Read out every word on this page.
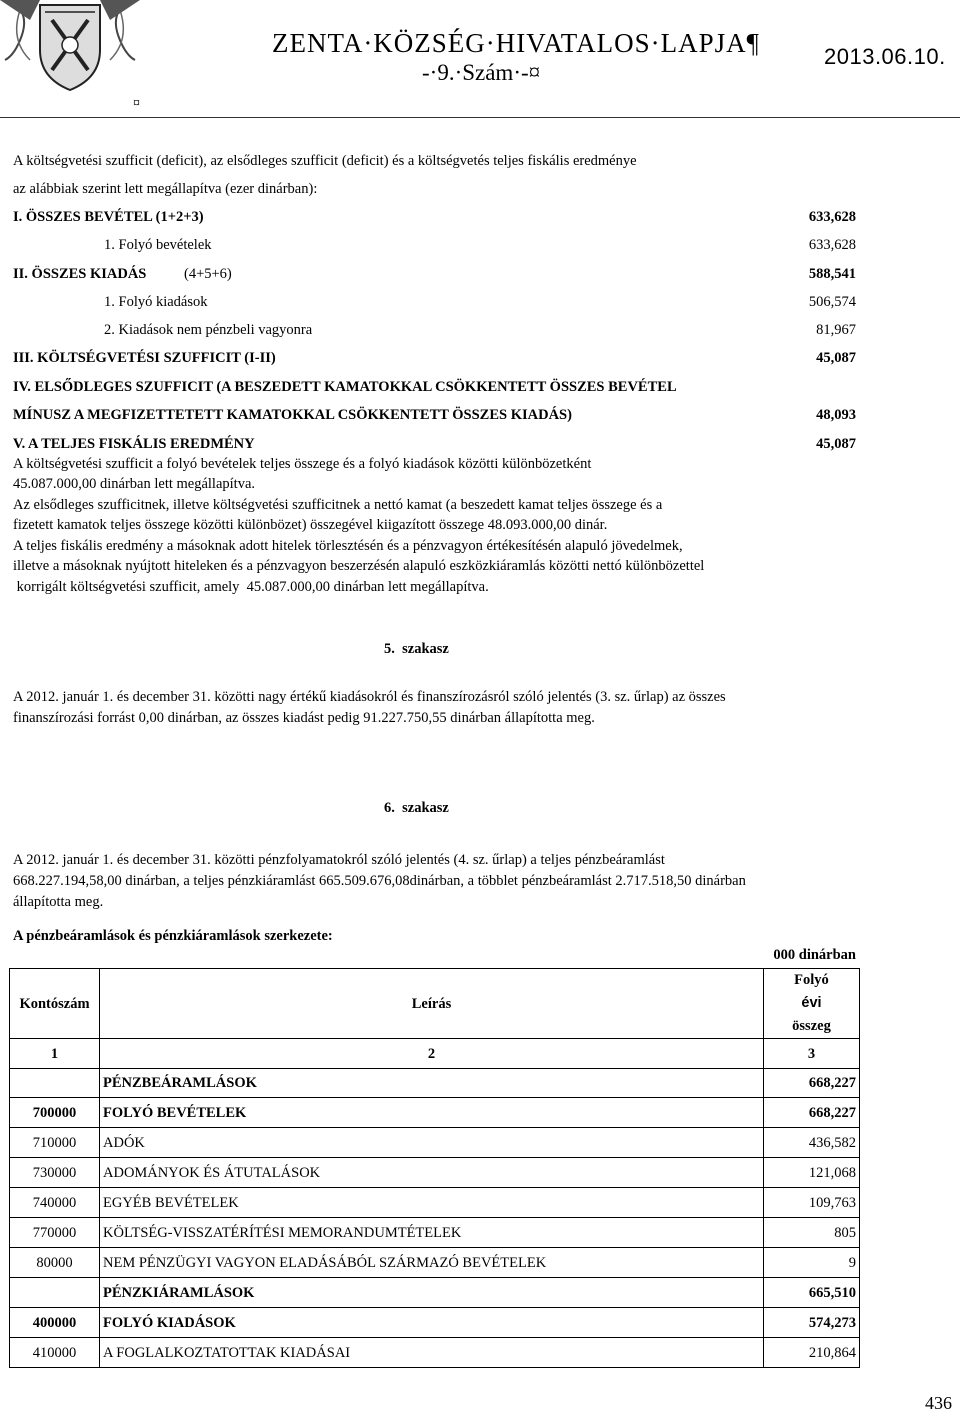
ZENTA·KÖZSÉG·HIVATALOS·LAPJA¶
-·9.·Szám·-¤
2013.06.10.
¤
A költségvetési szufficit (deficit), az elsődleges szufficit (deficit) és a költségvetés teljes fiskális eredménye
az alábbiak szerint lett megállapítva (ezer dinárban):
I. ÖSSZES BEVÉTEL (1+2+3)	633,628
1. Folyó bevételek	633,628
II. ÖSSZES KIADÁS	(4+5+6)	588,541
1. Folyó kiadások	506,574
2. Kiadások nem pénzbeli vagyonra	81,967
III. KÖLTSÉGVETÉSI SZUFFICIT (I-II)	45,087
IV. ELSŐDLEGES SZUFFICIT (A BESZEDETT KAMATOKKAL CSÖKKENTETT ÖSSZES BEVÉTEL
MÍNUSZ A MEGFIZETTETETT KAMATOKKAL CSÖKKENTETT ÖSSZES KIADÁS)	48,093
V. A TELJES FISKÁLIS EREDMÉNY	45,087
A költségvetési szufficit a folyó bevételek teljes összege és a folyó kiadások közötti különbözetként
45.087.000,00 dinárban lett megállapítva.
Az elsődleges szufficitnek, illetve költségvetési szufficitnek a nettó kamat (a beszedett kamat teljes összege és a
fizetett kamatok teljes összege közötti különbözet) összegével kiigazított összege 48.093.000,00 dinár.
A teljes fiskális eredmény a másoknak adott hitelek törlesztésén és a pénzvagyon értékesítésén alapuló jövedelmek,
illetve a másoknak nyújtott hiteleken és a pénzvagyon beszerzésén alapuló eszközkiáramlás közötti nettó különbözettel
korrigált költségvetési szufficit, amely  45.087.000,00 dinárban lett megállapítva.
5.  szakasz
A 2012. január 1. és december 31. közötti nagy értékű kiadásokról és finanszírozásról szóló jelentés (3. sz. űrlap) az összes
finanszírozási forrást 0,00 dinárban, az összes kiadást pedig 91.227.750,55 dinárban állapította meg.
6.  szakasz
A 2012. január 1. és december 31. közötti pénzfolyamatokról szóló jelentés (4. sz. űrlap) a teljes pénzbeáramlást
668.227.194,58,00 dinárban, a teljes pénzkiáramlást 665.509.676,08dinárban, a többlet pénzbeáramlást 2.717.518,50 dinárban
állapította meg.
A pénzbeáramlások és pénzkiáramlások szerkezete:
000 dinárban
Kontószám	Leírás	Folyó
évi
összeg

1	2	3
	PÉNZBEÁRAMLÁSOK	668,227
700000	FOLYÓ BEVÉTELEK	668,227
710000	ADÓK	436,582
730000	ADOMÁNYOK ÉS ÁTUTALÁSOK	121,068
740000	EGYÉB BEVÉTELEK	109,763
770000	KÖLTSÉG-VISSZATÉRÍTÉSI MEMORANDUMTÉTELEK	805
80000	NEM PÉNZÜGYI VAGYON ELADÁSÁBÓL SZÁRMAZÓ BEVÉTELEK	9
	PÉNZKIÁRAMLÁSOK	665,510
400000	FOLYÓ KIADÁSOK	574,273
410000	A FOGLALKOZTATOTTAK KIADÁSAI	210,864
436
